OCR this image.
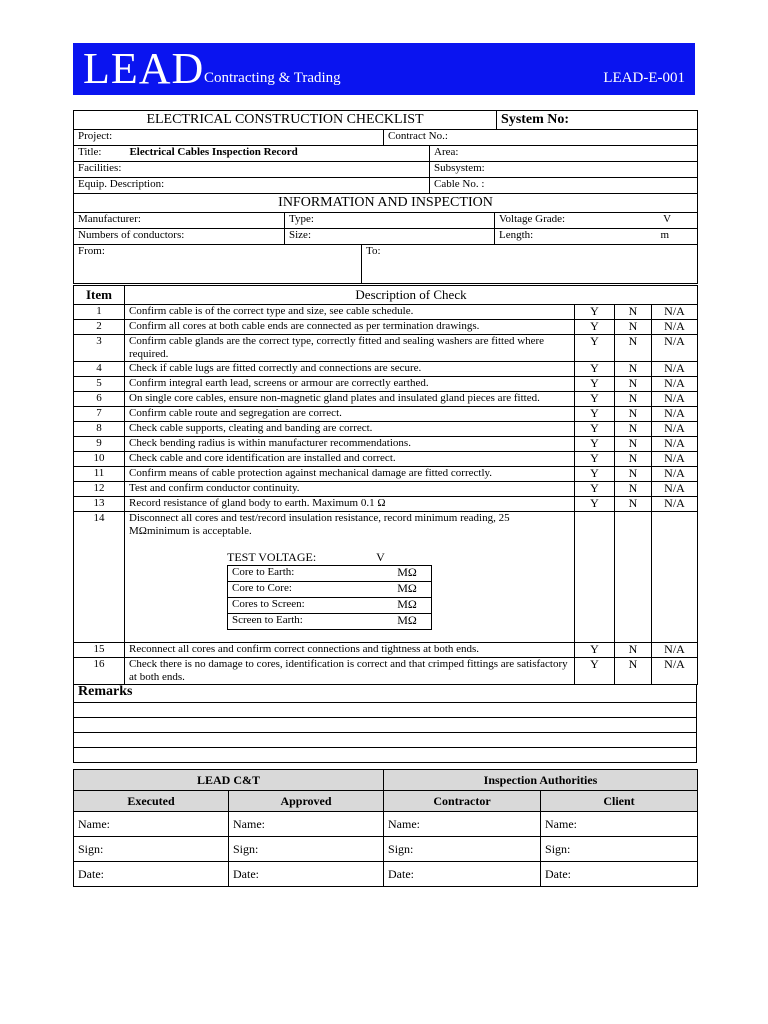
LEAD Contracting & Trading	LEAD-E-001
ELECTRICAL CONSTRUCTION CHECKLIST			System No:
Project:	Contract No.:		
Title: Electrical Cables Inspection Record		Area:	
Facilities:		Subsystem:	
Equip. Description:		Cable No. :	
INFORMATION AND INSPECTION				
Manufacturer:	Type:		Voltage Grade:	V
Numbers of conductors:	Size:		Length:	m
From:		To:		
Item	Description of Check
1	Confirm cable is of the correct type and size, see cable schedule.	Y	N	N/A
2	Confirm all cores at both cable ends are connected as per termination drawings.	Y	N	N/A
3	Confirm cable glands are the correct type, correctly fitted and sealing washers are fitted where required.	Y	N	N/A
4	Check if cable lugs are fitted correctly and connections are secure.	Y	N	N/A
5	Confirm integral earth lead, screens or armour are correctly earthed.	Y	N	N/A
6	On single core cables, ensure non-magnetic gland plates and insulated gland pieces are fitted.	Y	N	N/A
7	Confirm cable route and segregation are correct.	Y	N	N/A
8	Check cable supports, cleating and banding are correct.	Y	N	N/A
9	Check bending radius is within manufacturer recommendations.	Y	N	N/A
10	Check cable and core identification are installed and correct.	Y	N	N/A
11	Confirm means of cable protection against mechanical damage are fitted correctly.	Y	N	N/A
12	Test and confirm conductor continuity.	Y	N	N/A
13	Record resistance of gland body to earth. Maximum 0.1 Ω	Y	N	N/A
14	Disconnect all cores and test/record insulation resistance, record minimum reading, 25 MΩminimum is acceptable.
TEST VOLTAGE:	V
Core to Earth:	MΩ
Core to Core:	MΩ
Cores to Screen:	MΩ
Screen to Earth:	MΩ

15	Reconnect all cores and confirm correct connections and tightness at both ends.	Y	N	N/A
16	Check there is no damage to cores, identification is correct and that crimped fittings are satisfactory at both ends.	Y	N	N/A
Remarks

LEAD C&T		Inspection Authorities	
Executed	Approved	Contractor	Client
Name:	Name:	Name:	Name:
Sign:	Sign:	Sign:	Sign:
Date:	Date:	Date:	Date:
